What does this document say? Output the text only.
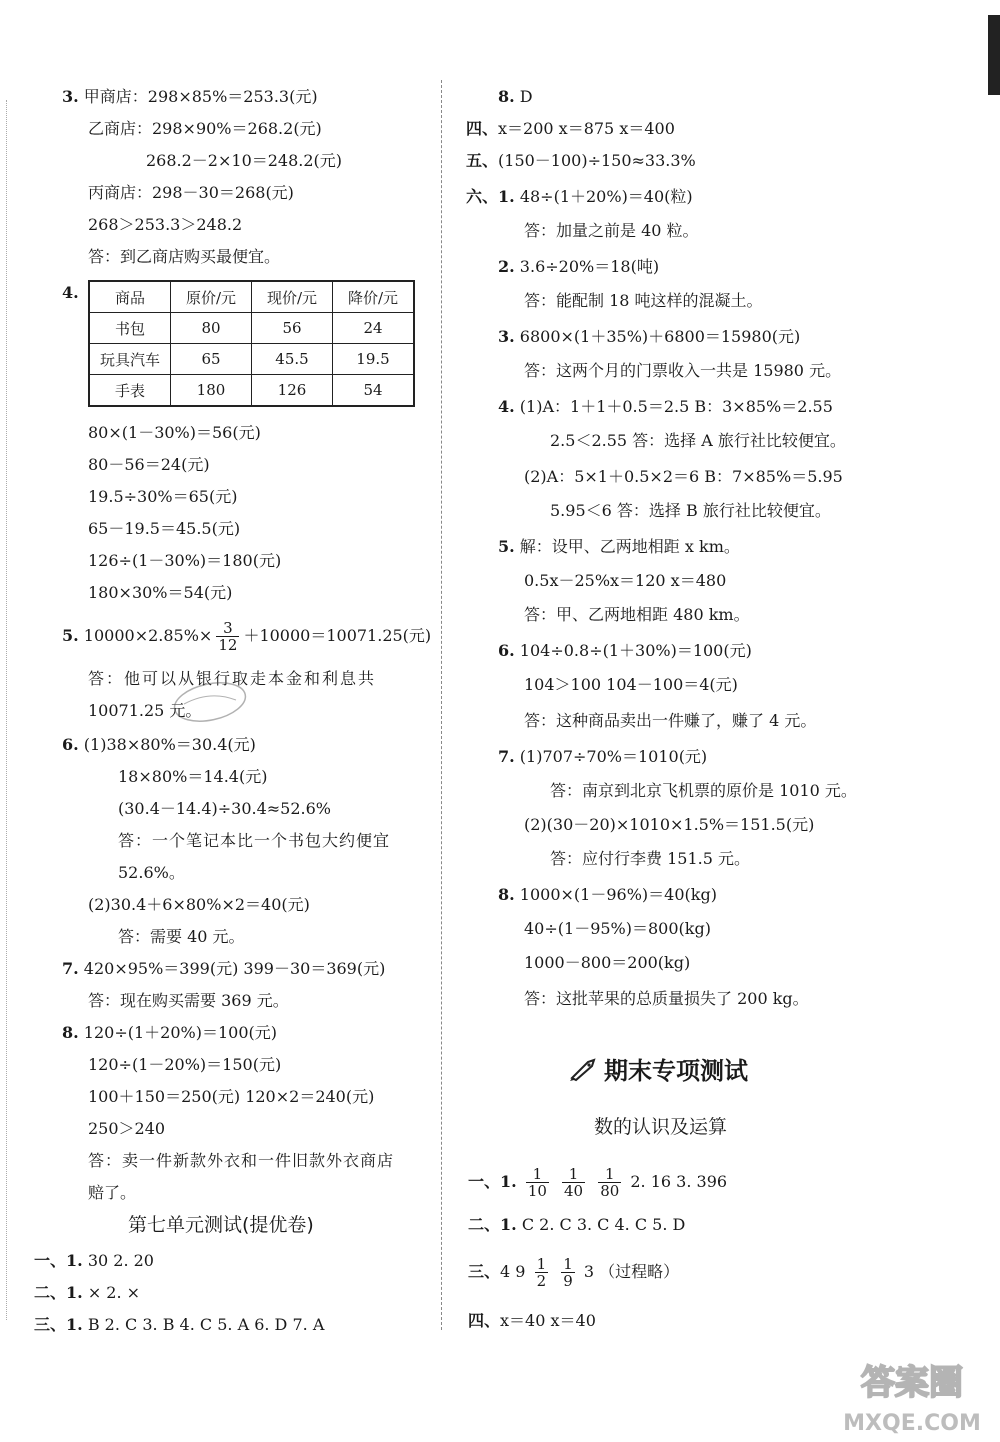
3. 甲商店：298×85%＝253.3(元)
乙商店：298×90%＝268.2(元)
268.2－2×10＝248.2(元)
丙商店：298－30＝268(元)
268＞253.3＞248.2
答：到乙商店购买最便宜。
4. 商品	原价/元	现价/元	降价/元
书包	80	56	24
玩具汽车	65	45.5	19.5
手表	180	126	54
80×(1－30%)＝56(元)
80－56＝24(元)
19.5÷30%＝65(元)
65－19.5＝45.5(元)
126÷(1－30%)＝180(元)
180×30%＝54(元)
5. $10000\times 2.85\%\times \frac{3}{12} +10000=10071.25$(元)
答：他可以从银行取走本金和利息共
10071.25 元。
6. (1)38×80%＝30.4(元)
18×80%＝14.4(元)
(30.4－14.4)÷30.4≈52.6%
答：一个笔记本比一个书包大约便宜
52.6%。
(2)30.4＋6×80%×2＝40(元)
答：需要 40 元。
7. 420×95%＝399(元) 399－30＝369(元)
答：现在购买需要 369 元。
8. 120÷(1＋20%)＝100(元)
120÷(1－20%)＝150(元)
100＋150＝250(元) 120×2＝240(元)
250＞240
答：卖一件新款外衣和一件旧款外衣商店
赔了。
第七单元测试(提优卷)
一、1. 30 2. 20
二、1. × 2. ×
三、1. B 2. C 3. B 4. C 5. A 6. D 7. A
8. D
四、x＝200 x＝875 x＝400
五、(150－100)÷150≈33.3%
六、1. 48÷(1＋20%)＝40(粒)
答：加量之前是 40 粒。
2. 3.6÷20%＝18(吨)
答：能配制 18 吨这样的混凝土。
3. 6800×(1＋35%)＋6800＝15980(元)
答：这两个月的门票收入一共是 15980 元。
4. (1)A：1＋1＋0.5＝2.5 B：3×85%＝2.55
2.5＜2.55 答：选择 A 旅行社比较便宜。
(2)A：5×1＋0.5×2＝6 B：7×85%＝5.95
5.95＜6 答：选择 B 旅行社比较便宜。
5. 解：设甲、乙两地相距 x km。
0.5x－25%x＝120 x＝480
答：甲、乙两地相距 480 km。
6. 104÷0.8÷(1＋30%)＝100(元)
104＞100 104－100＝4(元)
答：这种商品卖出一件赚了，赚了 4 元。
7. (1)707÷70%＝1010(元)
答：南京到北京飞机票的原价是 1010 元。
(2)(30－20)×1010×1.5%＝151.5(元)
答：应付行李费 151.5 元。
8. 1000×(1－96%)＝40(kg)
40÷(1－95%)＝800(kg)
1000－800＝200(kg)
答：这批苹果的总质量损失了 200 kg。
期末专项测试
数的认识及运算
一、1. $\frac{1}{10}$
$\frac{1}{40}$
$\frac{1}{80} 2$. 16 3. 396
二、1. C 2. C 3. C 4. C 5. D
三、4 $9 \frac{1}{2}$
$\frac{1}{9} 3$ （过程略）
四、x＝40 x＝40
答案圈
MXQE.COM
